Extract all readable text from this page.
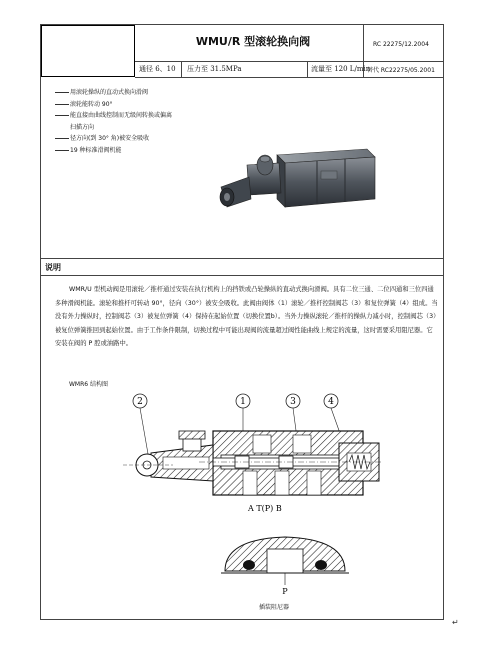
WMU/R 型滚轮换向阀	RC 22275/12.2004
通径 6、10 压力至 31.5MPa	流量至 120 L/min
替代 RC22275/05.2001
用滚轮操纵的直动式换向滑阀
滚轮能转动 90°
能直接由曲线控制而无级间转换或偏离
扫描方向
径方向(到 30° 角)被安全吸收
19 种标准滑阀机能
说明

WMR/U 型机动阀是用滚轮／推杆通过安装在执行机构上的挡铁或凸轮操纵的直动式换向滑阀。具有二位三通、二位四通和三位四通多种滑阀机能。滚轮和推杆可转动 90°，径向（30°）被安全吸收。此阀由阀体（1）滚轮／推杆控制阀芯（3）和复位弹簧（4）组成。当没有外力操纵时，控制阀芯（3）被复位弹簧（4）保持在起始位置（切换位置b）。当外力操纵滚轮／推杆的操纵力减小时，控制阀芯（3）被复位弹簧推回到起始位置。由于工作条件限制，切换过程中可能出现阀的流量超过阀性能曲线上规定的流量，这时需要采用阻尼器。它安装在阀的 P 腔或油路中。

WMR6 结构图
2	1	3	4
A T(P) B
P
插装阻尼器
↵
